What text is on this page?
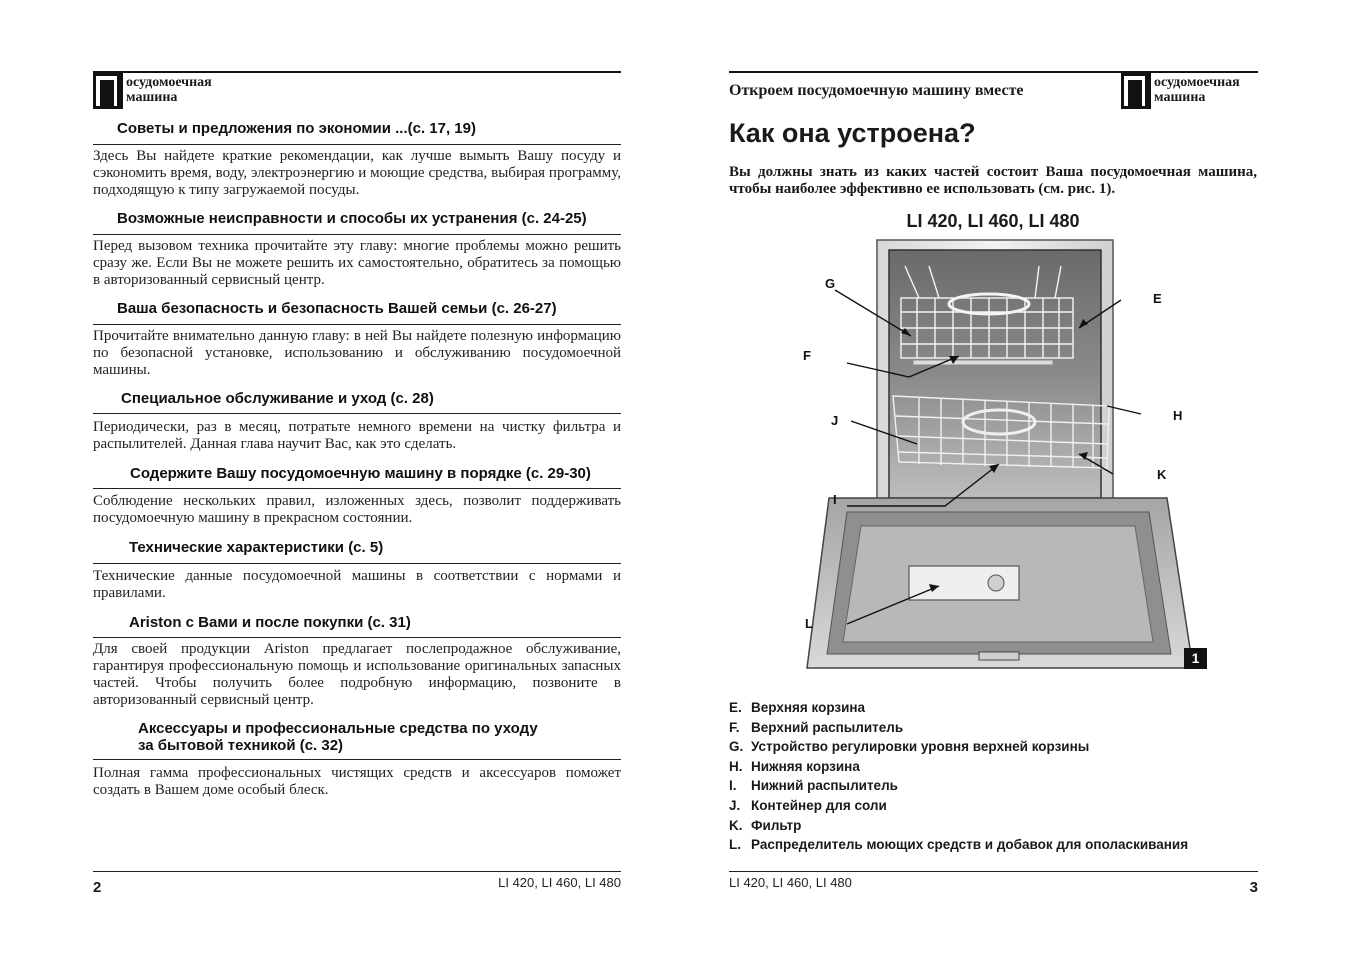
осудомоечная
машина
Советы и предложения по экономии ...(с. 17, 19)
Здесь Вы найдете краткие рекомендации, как лучше вымыть Вашу посуду и сэкономить время, воду, электроэнергию и моющие средства, выбирая программу, подходящую к типу загружаемой посуды.
Возможные неисправности и способы их устранения (с. 24-25)
Перед вызовом техника прочитайте эту главу: многие проблемы можно решить сразу же. Если Вы не можете решить их самостоятельно, обратитесь за помощью в авторизованный сервисный центр.
Ваша безопасность и безопасность Вашей семьи (с. 26-27)
Прочитайте внимательно данную главу: в ней Вы найдете полезную информацию по безопасной установке, использованию и обслуживанию посудомоечной машины.
Специальное обслуживание и уход (с. 28)
Периодически, раз в месяц, потратьте немного времени на чистку фильтра и распылителей. Данная глава научит Вас, как это сделать.
Содержите Вашу посудомоечную машину в порядке (с. 29-30)
Соблюдение нескольких правил, изложенных здесь, позволит поддерживать посудомоечную машину в прекрасном состоянии.
Технические характеристики (с. 5)
Технические данные посудомоечной машины в соответствии с нормами и правилами.
Ariston с Вами и после покупки (с. 31)
Для своей продукции Ariston предлагает послепродажное обслуживание, гарантируя профессиональную помощь и использование оригинальных запасных частей. Чтобы получить более подробную информацию, позвоните в авторизованный сервисный центр.
Аксессуары и профессиональные средства по уходу
за бытовой техникой (с. 32)
Полная гамма профессиональных чистящих средств и аксессуаров поможет создать в Вашем доме особый блеск.
2	LI 420, LI 460, LI 480
Откроем посудомоечную машину вместе	осудомоечная
машина
Как она устроена?
Вы должны знать из каких частей состоит Ваша посудомоечная машина, чтобы наиболее эффективно ее использовать (см. рис. 1).
LI 420, LI 460, LI 480
G
F
J
I
L
E
H
K
1
E. Верхняя корзина
F. Верхний распылитель
G. Устройство регулировки уровня верхней корзины
H. Нижняя корзина
I.	Нижний распылитель
J. Контейнер для соли
K. Фильтр
L. Распределитель моющих средств и добавок для ополаскивания
LI 420, LI 460, LI 480	3
